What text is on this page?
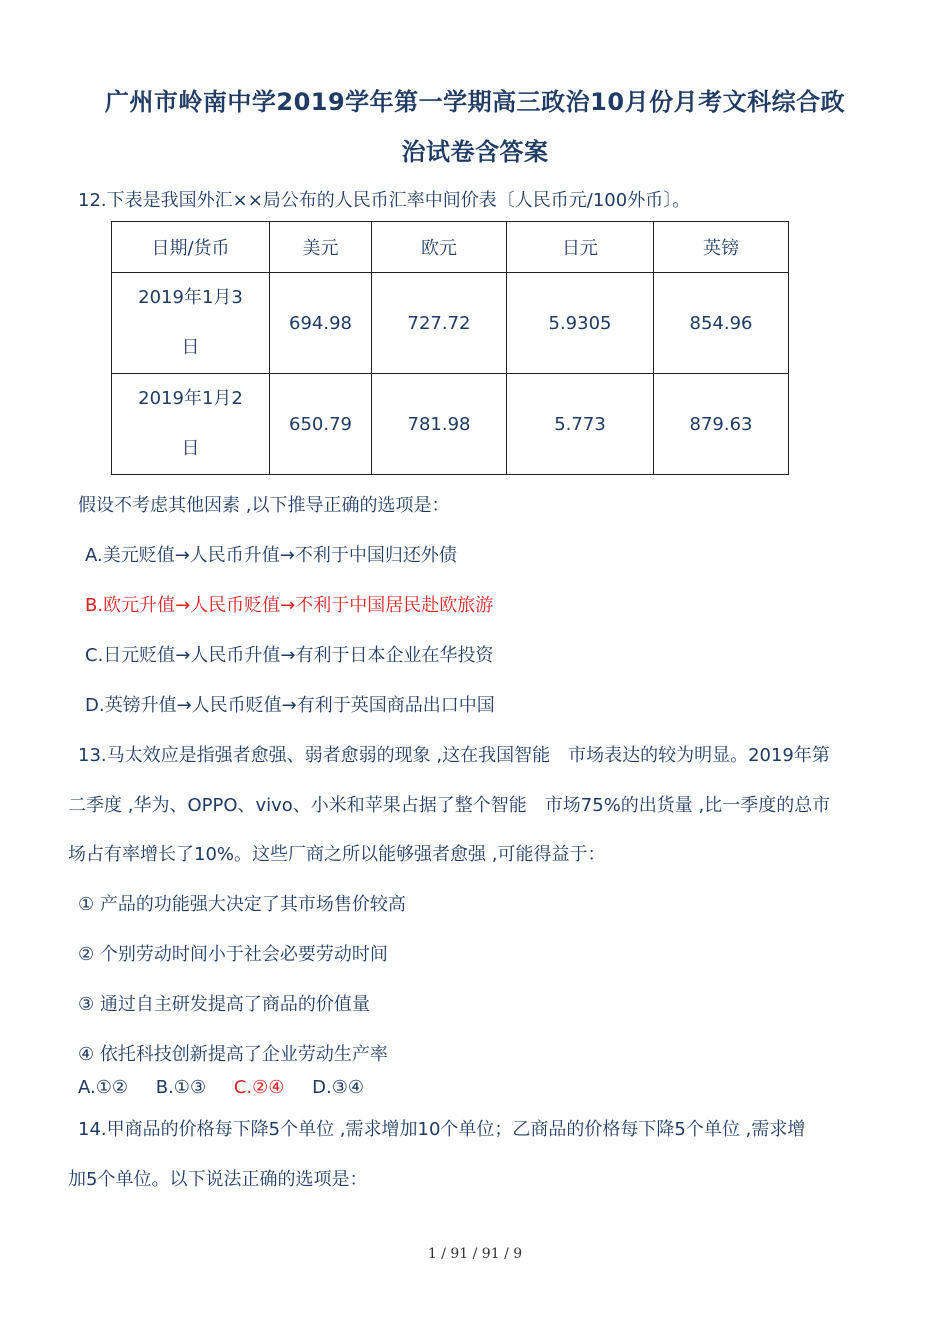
广州市岭南中学2019学年第一学期高三政治10月份月考文科综合政
治试卷含答案
12.下表是我国外汇××局公布的人民币汇率中间价表〔人民币元/100外币〕。
日期/货币	美元	欧元	日元	英镑

2019年1月3
日	694.98	727.72	5.9305	854.96

2019年1月2
日	650.79	781.98	5.773	879.63
假设不考虑其他因素 ,以下推导正确的选项是：
A.美元贬值→人民币升值→不利于中国归还外债
B.欧元升值→人民币贬值→不利于中国居民赴欧旅游
C.日元贬值→人民币升值→有利于日本企业在华投资
D.英镑升值→人民币贬值→有利于英国商品出口中国
13.马太效应是指强者愈强、弱者愈弱的现象 ,这在我国智能　市场表达的较为明显。2019年第
二季度 ,华为、OPPO、vivo、小米和苹果占据了整个智能　市场75%的出货量 ,比一季度的总市
场占有率增长了10%。这些厂商之所以能够强者愈强 ,可能得益于：
① 产品的功能强大决定了其市场售价较高
② 个别劳动时间小于社会必要劳动时间
③ 通过自主研发提高了商品的价值量
④ 依托科技创新提高了企业劳动生产率
A.①② B.①③ C.②④ D.③④
14.甲商品的价格每下降5个单位 ,需求增加10个单位；乙商品的价格每下降5个单位 ,需求增
加5个单位。以下说法正确的选项是：
1 / 91 / 91 / 9
